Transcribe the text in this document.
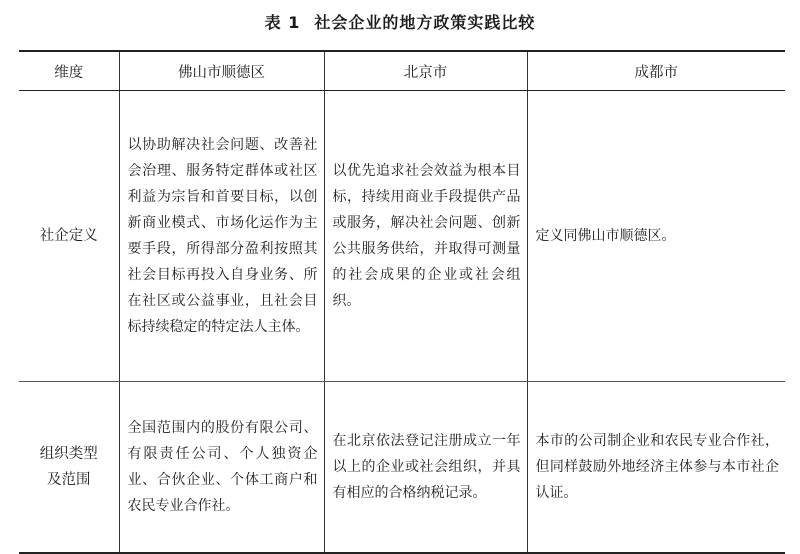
表 1 社会企业的地方政策实践比较
维度	佛山市顺德区	北京市	成都市
社企定义	以协助解决社会问题、改善社会治理、服务特定群体或社区利益为宗旨和首要目标，以创新商业模式、市场化运作为主要手段，所得部分盈利按照其社会目标再投入自身业务、所在社区或公益事业，且社会目标持续稳定的特定法人主体。	以优先追求社会效益为根本目标，持续用商业手段提供产品或服务，解决社会问题、创新公共服务供给，并取得可测量的社会成果的企业或社会组织。	定义同佛山市顺德区。

组织类型
及范围	全国范围内的股份有限公司、有限责任公司、个人独资企业、合伙企业、个体工商户和农民专业合作社。	在北京依法登记注册成立一年以上的企业或社会组织，并具有相应的合格纳税记录。	本市的公司制企业和农民专业合作社，但同样鼓励外地经济主体参与本市社企认证。
